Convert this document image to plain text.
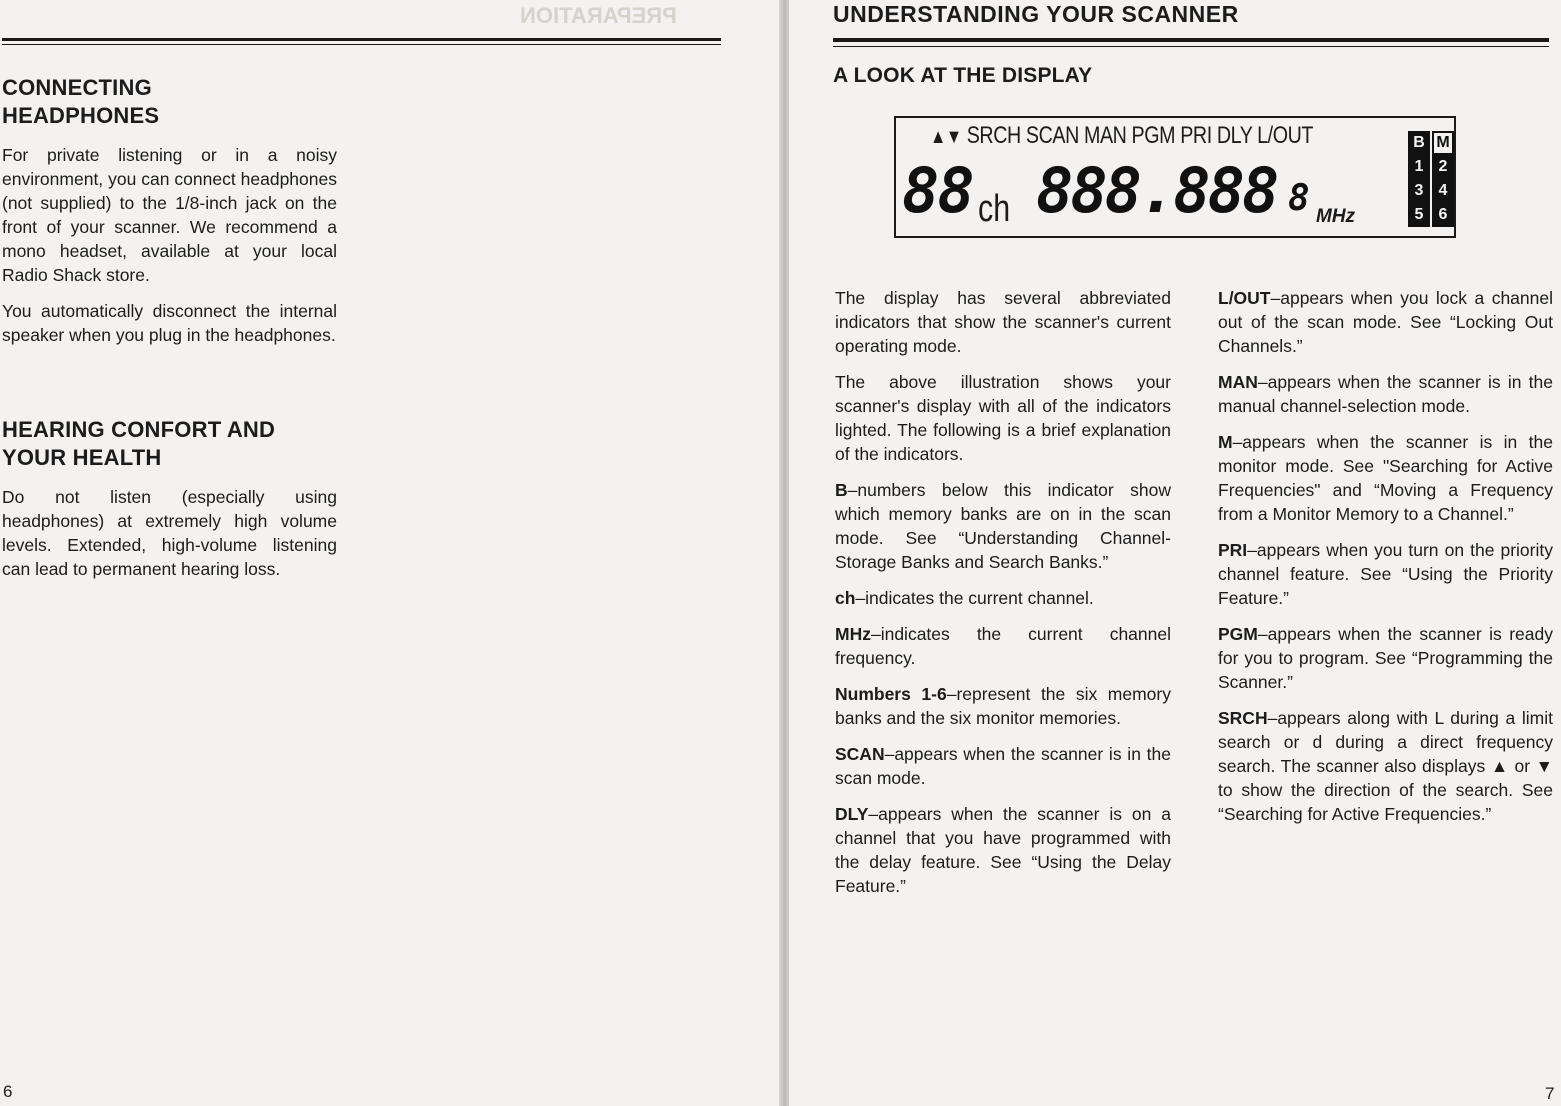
PREPARATION
CONNECTING
HEADPHONES

For private listening or in a noisy environment, you can connect headphones (not supplied) to the 1/8-inch jack on the front of your scanner. We recommend a mono headset, available at your local Radio Shack store.

You automatically disconnect the internal speaker when you plug in the headphones.

HEARING CONFORT AND
YOUR HEALTH

Do not listen (especially using headphones) at extremely high volume levels. Extended, high-volume listening can lead to permanent hearing loss.

6
UNDERSTANDING YOUR SCANNER
A LOOK AT THE DISPLAY
▲▼ SRCH SCAN MAN PGM PRI DLY L/OUT
88 ch 888.888 8 MHz
B M
1 2
3 4
5 6

The display has several abbreviated indicators that show the scanner's current operating mode.

The above illustration shows your scanner's display with all of the indicators lighted. The following is a brief explanation of the indicators.

B–numbers below this indicator show which memory banks are on in the scan mode. See “Understanding Channel-Storage Banks and Search Banks.”

ch–indicates the current channel.

MHz–indicates the current channel frequency.

Numbers 1-6–represent the six memory banks and the six monitor memories.

SCAN–appears when the scanner is in the scan mode.

DLY–appears when the scanner is on a channel that you have programmed with the delay feature. See “Using the Delay Feature.”

L/OUT–appears when you lock a channel out of the scan mode. See “Locking Out Channels.”

MAN–appears when the scanner is in the manual channel-selection mode.

M–appears when the scanner is in the monitor mode. See "Searching for Active Frequencies" and “Moving a Frequency from a Monitor Memory to a Channel.”

PRI–appears when you turn on the priority channel feature. See “Using the Priority Feature.”

PGM–appears when the scanner is ready for you to program. See “Programming the Scanner.”

SRCH–appears along with L during a limit search or d during a direct frequency search. The scanner also displays ▲ or ▼ to show the direction of the search. See “Searching for Active Frequencies.”

7
